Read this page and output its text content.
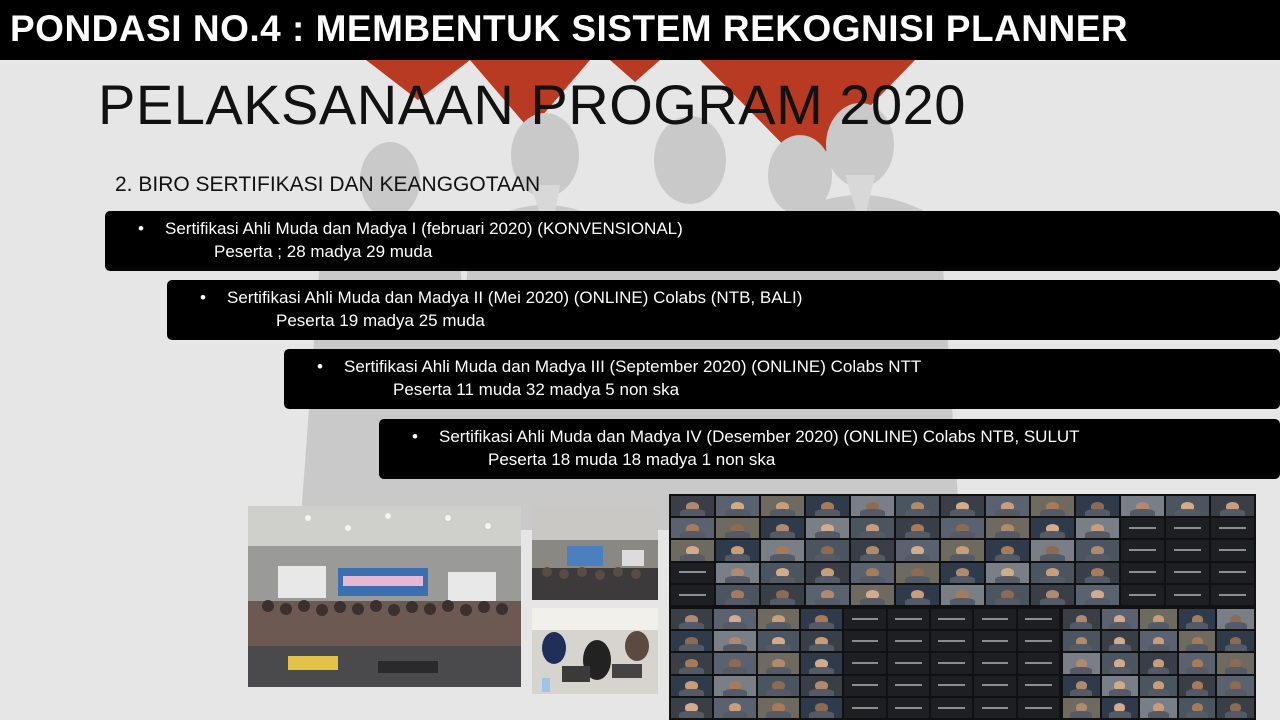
PONDASI NO.4 : MEMBENTUK SISTEM REKOGNISI PLANNER
PELAKSANAAN PROGRAM 2020
2. BIRO SERTIFIKASI DAN KEANGGOTAAN
• Sertifikasi Ahli Muda dan Madya I (februari 2020) (KONVENSIONAL)
Peserta ; 28 madya 29 muda
• Sertifikasi Ahli Muda dan Madya II (Mei 2020) (ONLINE) Colabs (NTB, BALI)
Peserta 19 madya 25 muda
• Sertifikasi Ahli Muda dan Madya III (September 2020) (ONLINE) Colabs NTT
Peserta 11 muda 32 madya 5 non ska
• Sertifikasi Ahli Muda dan Madya IV (Desember 2020) (ONLINE) Colabs NTB, SULUT
Peserta 18 muda 18 madya 1 non ska
